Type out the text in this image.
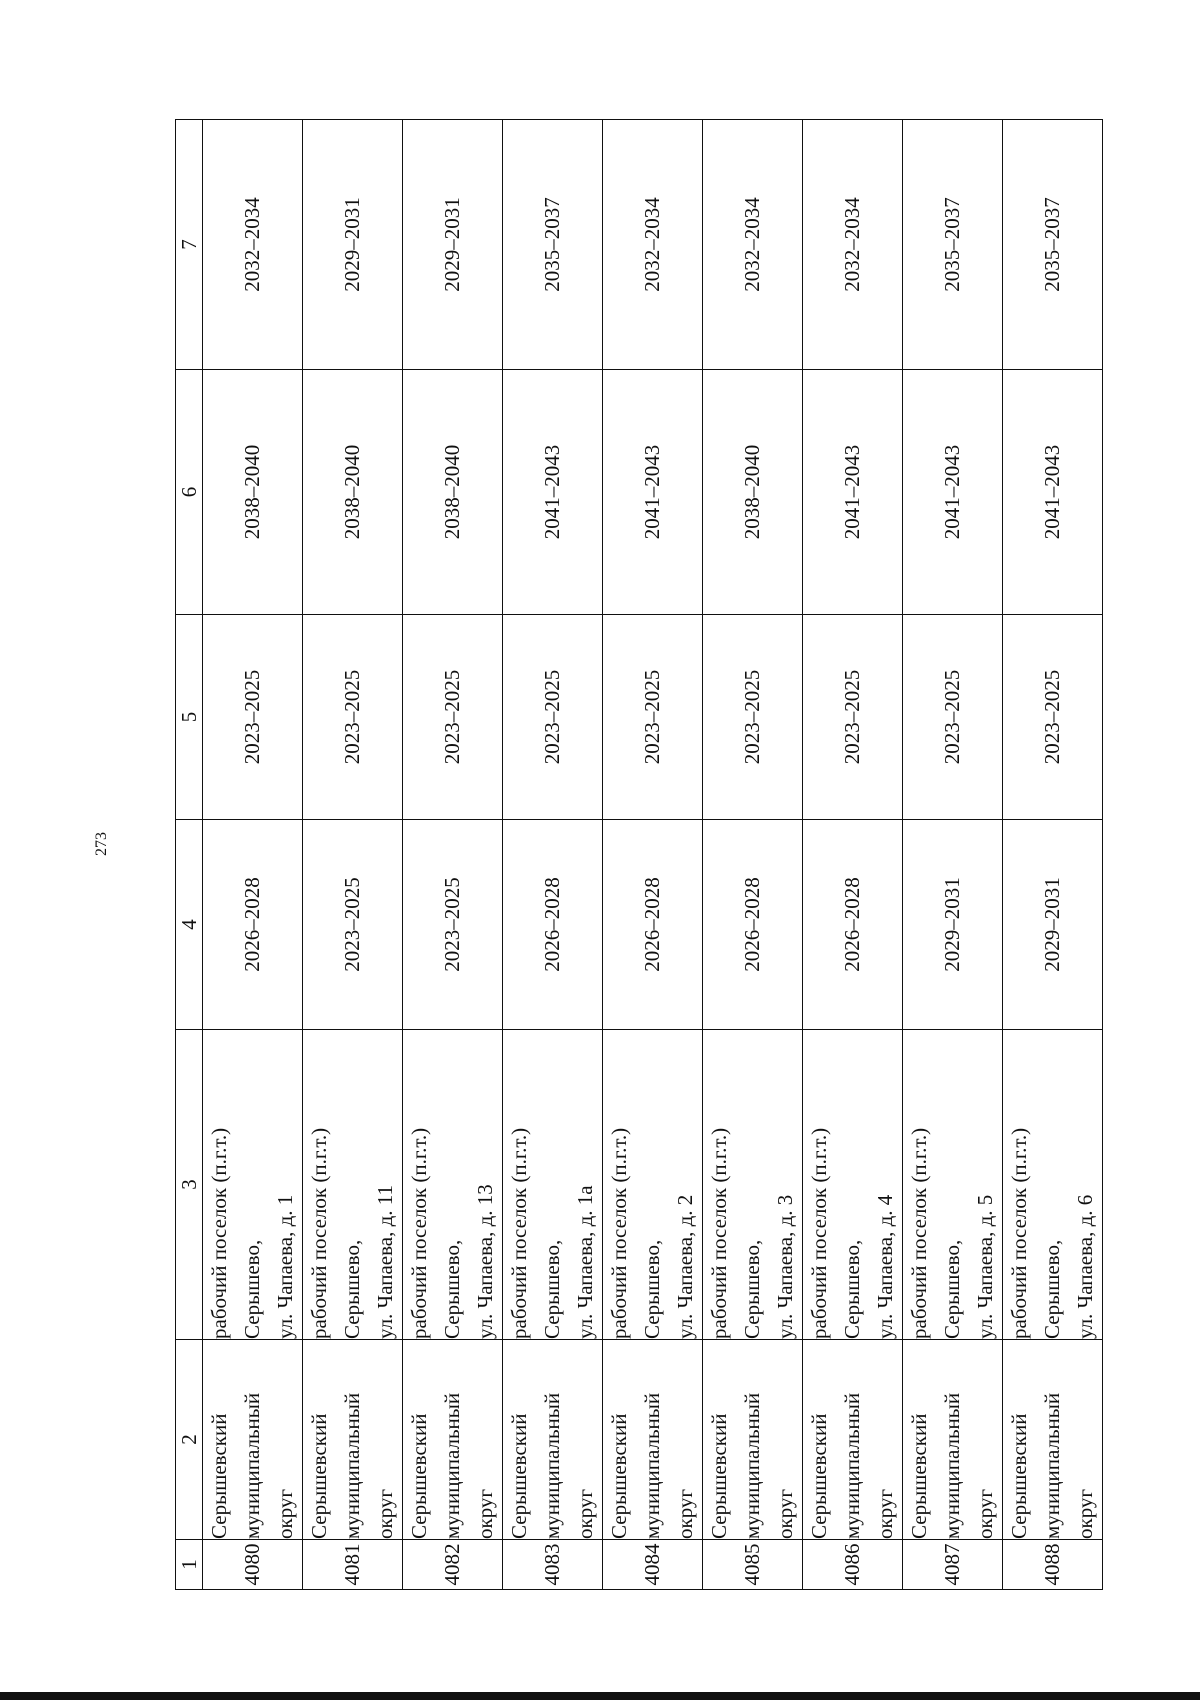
273
1	2	3	4	5	6	7
4080	Серышевский муниципальный округ	рабочий поселок (п.г.т.) Серышево, ул. Чапаева, д. 1	2026–2028	2023–2025	2038–2040	2032–2034
4081	Серышевский муниципальный округ	рабочий поселок (п.г.т.) Серышево, ул. Чапаева, д. 11	2023–2025	2023–2025	2038–2040	2029–2031
4082	Серышевский муниципальный округ	рабочий поселок (п.г.т.) Серышево, ул. Чапаева, д. 13	2023–2025	2023–2025	2038–2040	2029–2031
4083	Серышевский муниципальный округ	рабочий поселок (п.г.т.) Серышево, ул. Чапаева, д. 1а	2026–2028	2023–2025	2041–2043	2035–2037
4084	Серышевский муниципальный округ	рабочий поселок (п.г.т.) Серышево, ул. Чапаева, д. 2	2026–2028	2023–2025	2041–2043	2032–2034
4085	Серышевский муниципальный округ	рабочий поселок (п.г.т.) Серышево, ул. Чапаева, д. 3	2026–2028	2023–2025	2038–2040	2032–2034
4086	Серышевский муниципальный округ	рабочий поселок (п.г.т.) Серышево, ул. Чапаева, д. 4	2026–2028	2023–2025	2041–2043	2032–2034
4087	Серышевский муниципальный округ	рабочий поселок (п.г.т.) Серышево, ул. Чапаева, д. 5	2029–2031	2023–2025	2041–2043	2035–2037
4088	Серышевский муниципальный округ	рабочий поселок (п.г.т.) Серышево, ул. Чапаева, д. 6	2029–2031	2023–2025	2041–2043	2035–2037
